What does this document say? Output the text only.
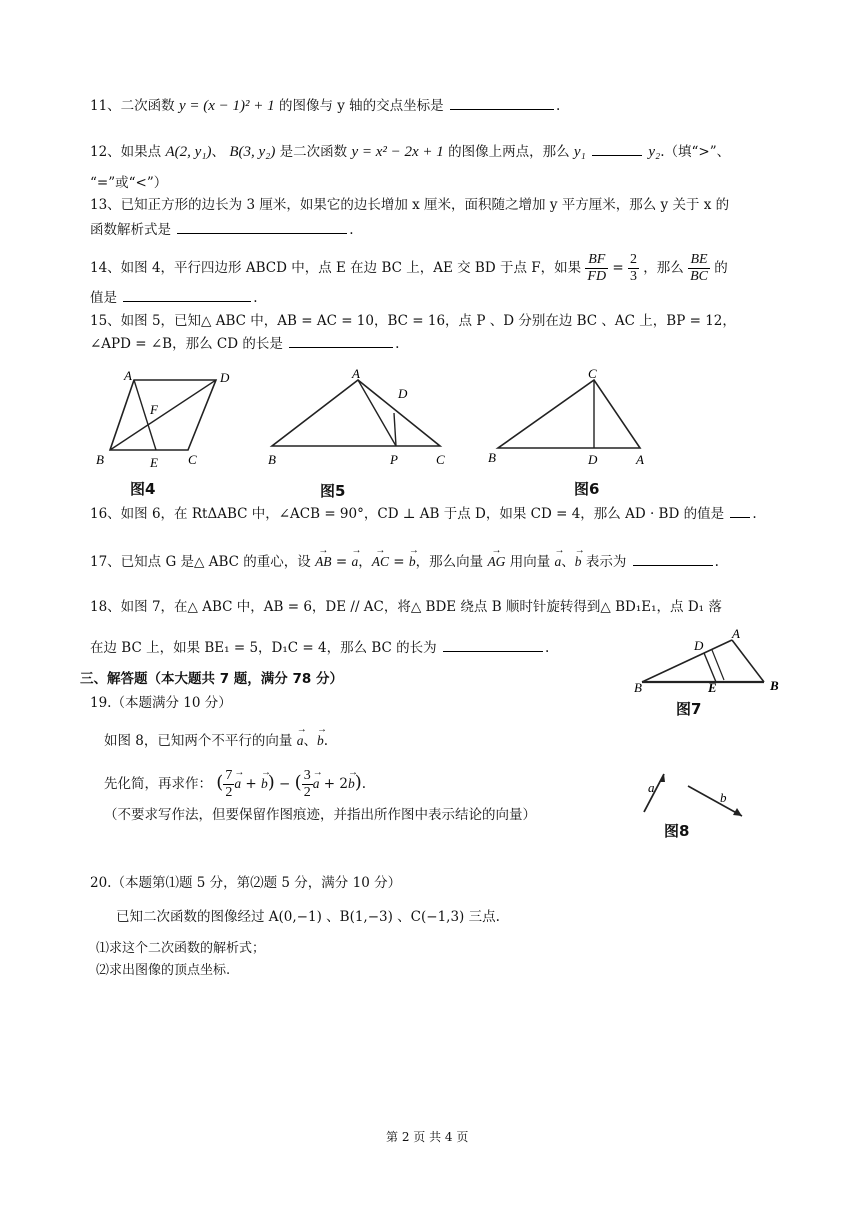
11、二次函数 y = (x − 1)² + 1 的图像与 y 轴的交点坐标是	.
12、如果点 A(2, y₁)、 B(3, y₂) 是二次函数 y = x² − 2x + 1 的图像上两点，那么 y₁	y₂.（填“>”、
“=”或“<”）
13、已知正方形的边长为 3 厘米，如果它的边长增加 x 厘米，面积随之增加 y 平方厘米，那么 y 关于 x 的
函数解析式是	.
14、如图 4，平行四边形 ABCD 中，点 E 在边 BC 上，AE 交 BD 于点 F，如果 $\frac{BF}{FD} = \frac{2}{3}$ ，那么 $\frac{BE}{BC}$ 的
值是	.
15、如图 5，已知△ ABC 中，AB = AC = 10，BC = 16，点 P 、D 分别在边 BC 、AC 上，BP = 12，
∠APD = ∠B，那么 CD 的长是	.
A	D
F
B	E C
图4
A
D
B	P	C
图5
C
B	D	A
图6
16、如图 6，在 RtΔABC 中，∠ACB = 90°，CD ⊥ AB 于点 D，如果 CD = 4，那么 AD · BD 的值是 .
17、已知点 G 是△ ABC 的重心，设 → AB = → a，→ AC = → b，那么向量 → AG 用向量 → a、→ b 表示为	.
18、如图 7，在△ ABC 中，AB = 6，DE // AC，将△ BDE 绕点 B 顺时针旋转得到△ BD₁E₁，点 D₁ 落
在边 BC 上，如果 BE₁ = 5，D₁C = 4，那么 BC 的长为	.
A
D
B	E	B
图7
三、解答题（本大题共 7 题，满分 78 分）
19.（本题满分 10 分）
如图 8，已知两个不平行的向量 → a、→ b.
先化简，再求作： ( $\frac{7}{2}$
→ a + → b) − ( $\frac{3}{2}$
→ a + 2→ b).
（不要求写作法，但要保留作图痕迹，并指出所作图中表示结论的向量）
a
b
图8
20.（本题第⑴题 5 分，第⑵题 5 分，满分 10 分）
已知二次函数的图像经过 A(0,−1) 、B(1,−3) 、C(−1,3) 三点.
⑴求这个二次函数的解析式；
⑵求出图像的顶点坐标.
第 2 页 共 4 页
